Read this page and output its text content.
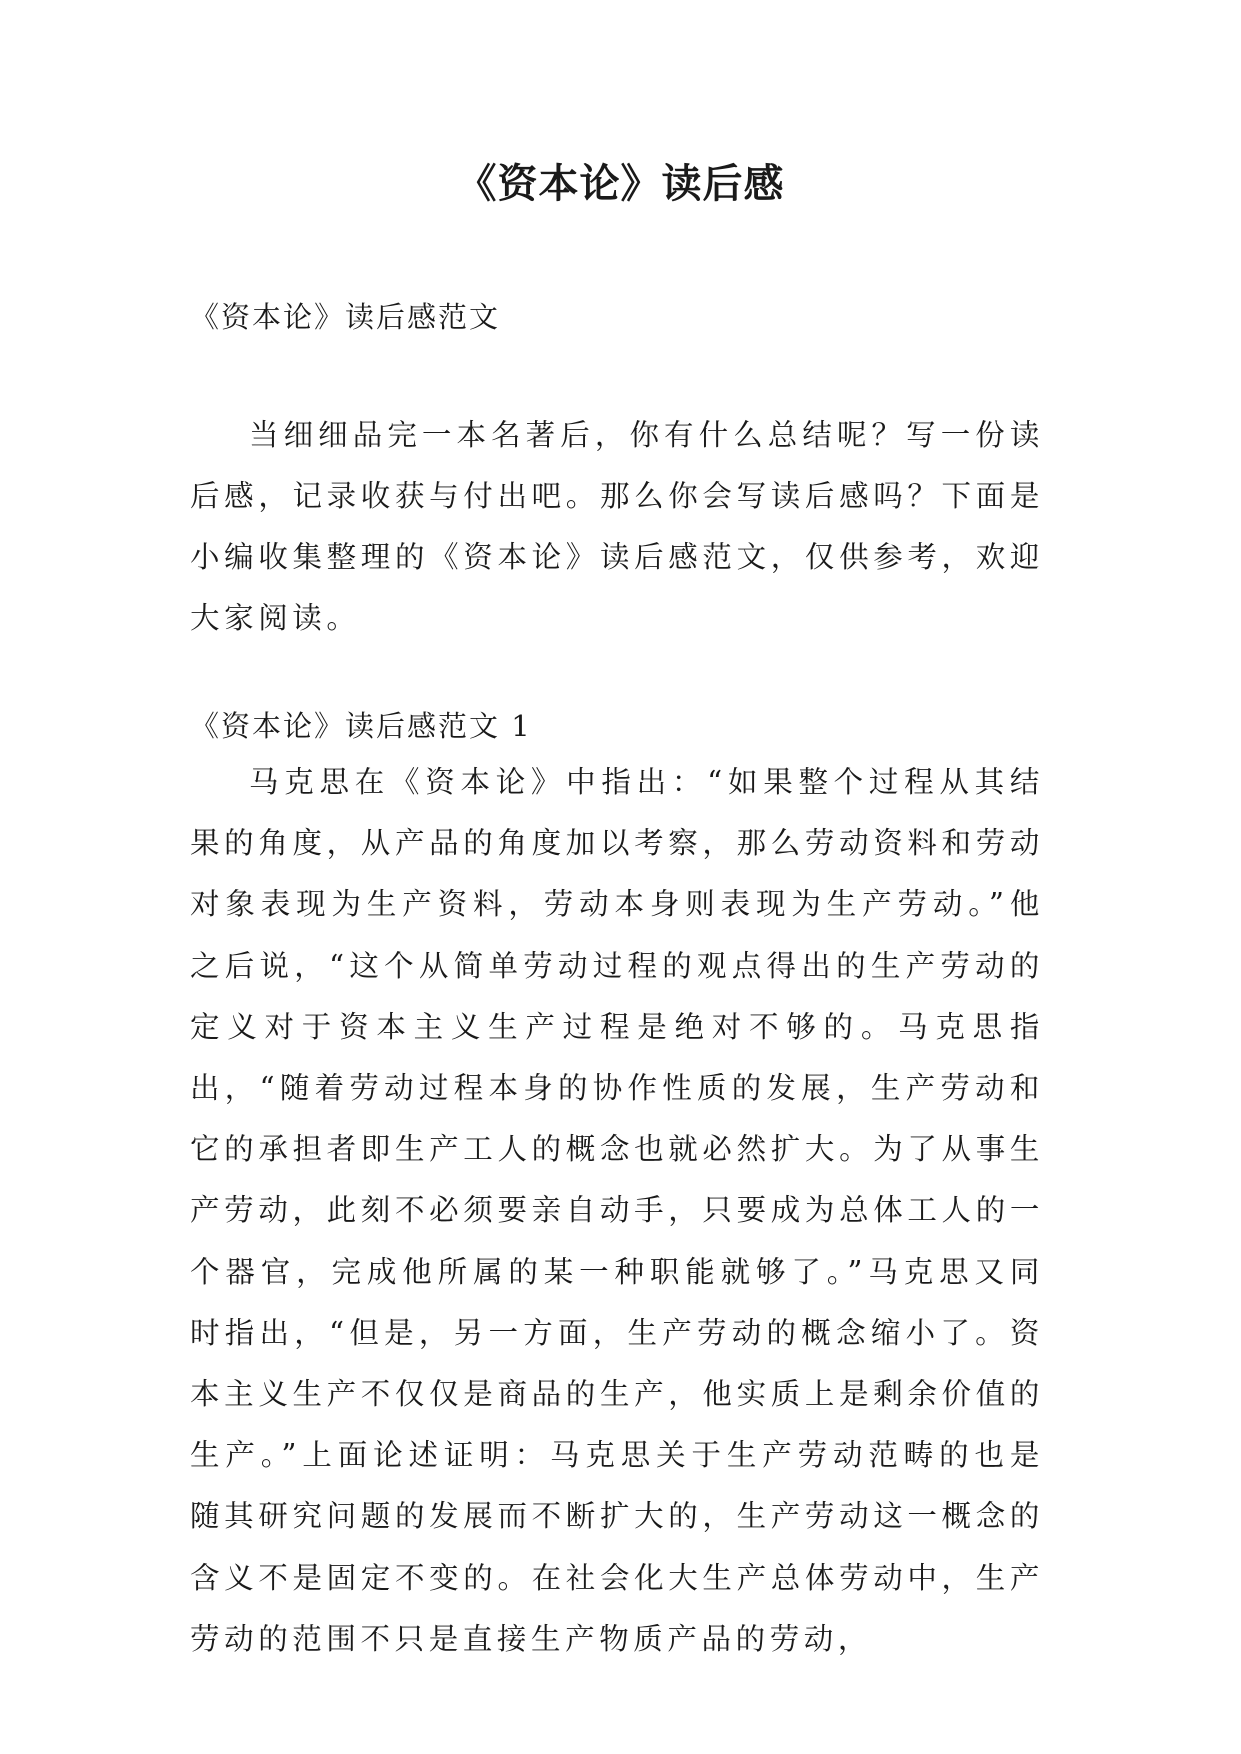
《资本论》读后感

《资本论》读后感范文

当细细品完一本名著后，你有什么总结呢？写一份读后感，记录收获与付出吧。那么你会写读后感吗？下面是小编收集整理的《资本论》读后感范文，仅供参考，欢迎大家阅读。

《资本论》读后感范文 1

马克思在《资本论》中指出：“如果整个过程从其结果的角度，从产品的角度加以考察，那么劳动资料和劳动对象表现为生产资料，劳动本身则表现为生产劳动。”他之后说，“这个从简单劳动过程的观点得出的生产劳动的定义对于资本主义生产过程是绝对不够的。马克思指出，“随着劳动过程本身的协作性质的发展，生产劳动和它的承担者即生产工人的概念也就必然扩大。为了从事生产劳动，此刻不必须要亲自动手，只要成为总体工人的一个器官，完成他所属的某一种职能就够了。”马克思又同时指出，“但是，另一方面，生产劳动的概念缩小了。资本主义生产不仅仅是商品的生产，他实质上是剩余价值的生产。”上面论述证明：马克思关于生产劳动范畴的也是随其研究问题的发展而不断扩大的，生产劳动这一概念的含义不是固定不变的。在社会化大生产总体劳动中，生产劳动的范围不只是直接生产物质产品的劳动，
